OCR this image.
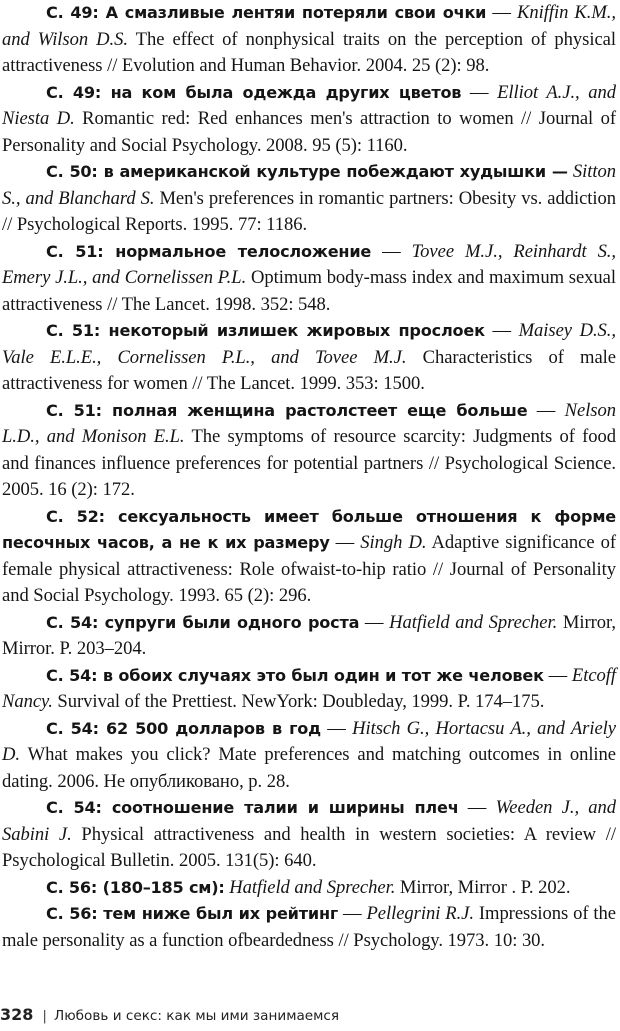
С. 49: А смазливые лентяи потеряли свои очки — Kniffin K.M., and Wilson D.S. The effect of nonphysical traits on the perception of physical attractiveness // Evolution and Human Behavior. 2004. 25 (2): 98.

С. 49: на ком была одежда других цветов — Elliot A.J., and Niesta D. Romantic red: Red enhances men's attraction to women // Journal of Personality and Social Psychology. 2008. 95 (5): 1160.

С. 50: в американской культуре побеждают худышки — Sitton S., and Blanchard S. Men's preferences in romantic partners: Obesity vs. addiction // Psychological Reports. 1995. 77: 1186.

С. 51: нормальное телосложение — Tovee M.J., Reinhardt S., Emery J.L., and Cornelissen P.L. Optimum body-mass index and maximum sexual attractiveness // The Lancet. 1998. 352: 548.

С. 51: некоторый излишек жировых прослоек — Maisey D.S., Vale E.L.E., Cornelissen P.L., and Tovee M.J. Characteristics of male attractiveness for women // The Lancet. 1999. 353: 1500.

С. 51: полная женщина растолстеет еще больше — Nelson L.D., and Monison E.L. The symptoms of resource scarcity: Judgments of food and finances influence preferences for potential partners // Psychological Science. 2005. 16 (2): 172.

С. 52: сексуальность имеет больше отношения к форме песочных часов, а не к их размеру — Singh D. Adaptive significance of female physical attractiveness: Role ofwaist-to-hip ratio // Journal of Personality and Social Psychology. 1993. 65 (2): 296.

С. 54: супруги были одного роста — Hatfield and Sprecher. Mirror, Mirror. P. 203–204.

С. 54: в обоих случаях это был один и тот же человек — Etcoff Nancy. Survival of the Prettiest. NewYork: Doubleday, 1999. P. 174–175.

С. 54: 62 500 долларов в год — Hitsch G., Hortacsu A., and Ariely D. What makes you click? Mate preferences and matching outcomes in online dating. 2006. Не опубликовано, p. 28.

С. 54: соотношение талии и ширины плеч — Weeden J., and Sabini J. Physical attractiveness and health in western societies: A review // Psychological Bulletin. 2005. 131(5): 640.

С. 56: (180–185 см): Hatfield and Sprecher. Mirror, Mirror . P. 202.

С. 56: тем ниже был их рейтинг — Pellegrini R.J. Impressions of the male personality as a function ofbeardedness // Psychology. 1973. 10: 30.

328 | Любовь и секс: как мы ими занимаемся
